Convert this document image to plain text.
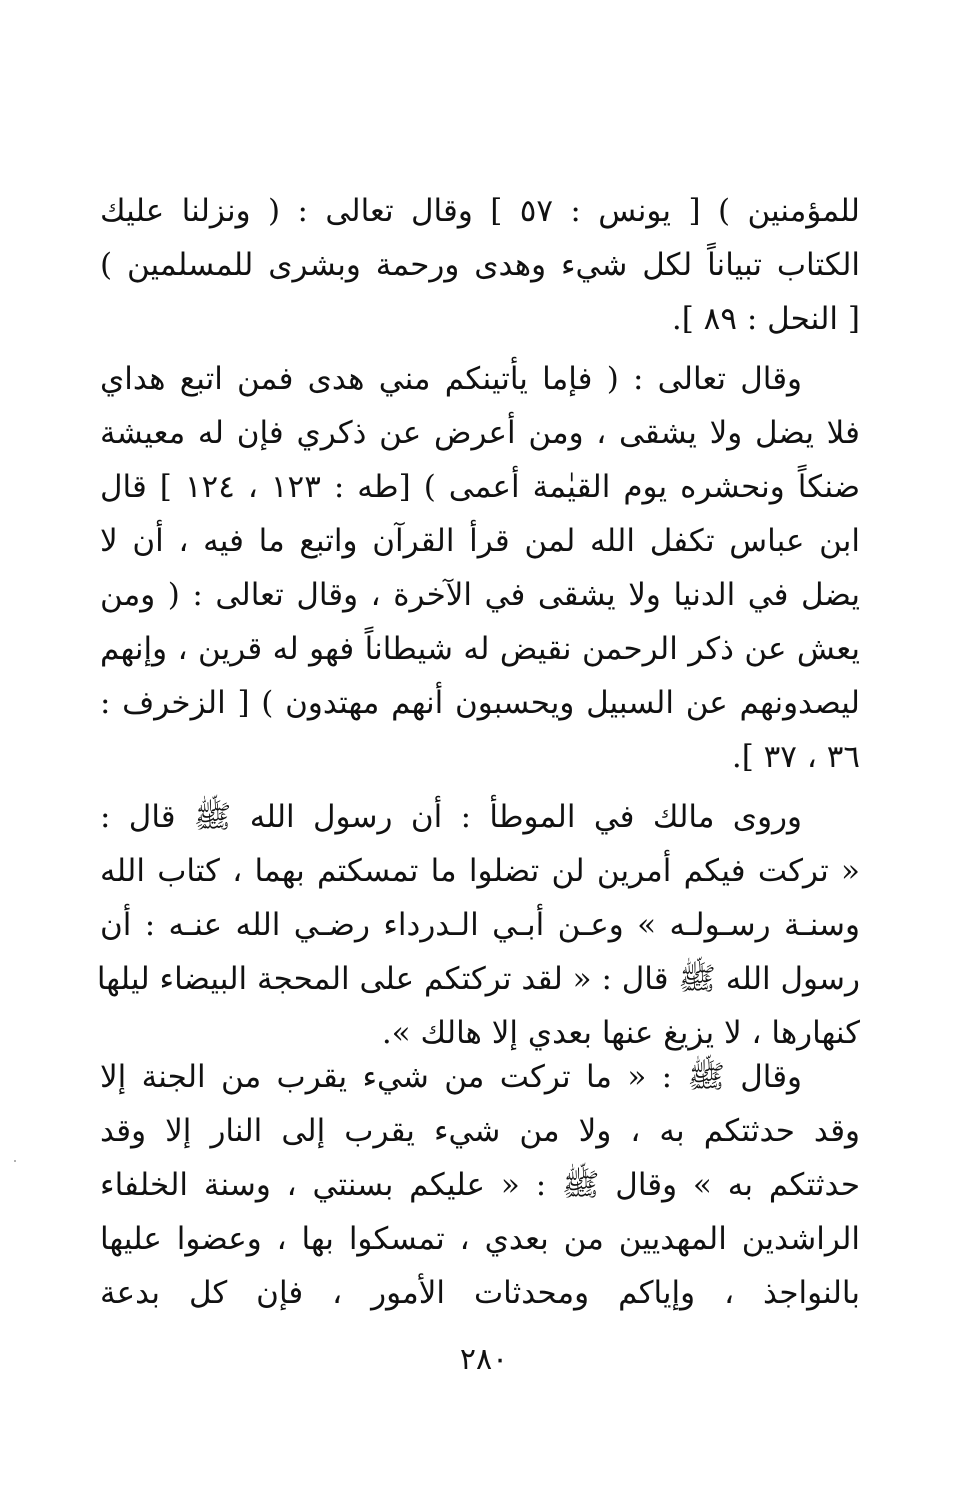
للمؤمنين ) [ يونس : ٥٧ ] وقال تعالى : ( ونزلنا عليك
الكتاب تبياناً لكل شيء وهدى ورحمة وبشرى للمسلمين )
[ النحل : ٨٩ ].
وقال تعالى : ( فإما يأتينكم مني هدى فمن اتبع هداي
فلا يضل ولا يشقى ، ومن أعرض عن ذكري فإن له معيشة
ضنكاً ونحشره يوم القيٰمة أعمى ) [طه : ١٢٣ ، ١٢٤ ] قال
ابن عباس تكفل الله لمن قرأ القرآن واتبع ما فيه ، أن لا
يضل في الدنيا ولا يشقى في الآخرة ، وقال تعالى : ( ومن
يعش عن ذكر الرحمن نقيض له شيطاناً فهو له قرين ، وإنهم
ليصدونهم عن السبيل ويحسبون أنهم مهتدون ) [ الزخرف :
٣٦ ، ٣٧ ].
وروى مالك في الموطأ : أن رسول الله ﷺ قال :
« تركت فيكم أمرين لن تضلوا ما تمسكتم بهما ، كتاب الله
وسنـة رسـولـه » وعـن أبـي الـدرداء رضـي الله عنـه : أن
رسول الله ﷺ قال : « لقد تركتكم على المحجة البيضاء ليلها
كنهارها ، لا يزيغ عنها بعدي إلا هالك ».
وقال ﷺ : « ما تركت من شيء يقرب من الجنة إلا
وقد حدثتكم به ، ولا من شيء يقرب إلى النار إلا وقد
حدثتكم به » وقال ﷺ : « عليكم بسنتي ، وسنة الخلفاء
الراشدين المهديين من بعدي ، تمسكوا بها ، وعضوا عليها
بالنواجذ ، وإياكم ومحدثات الأمور ، فإن كل بدعة
٢٨٠
